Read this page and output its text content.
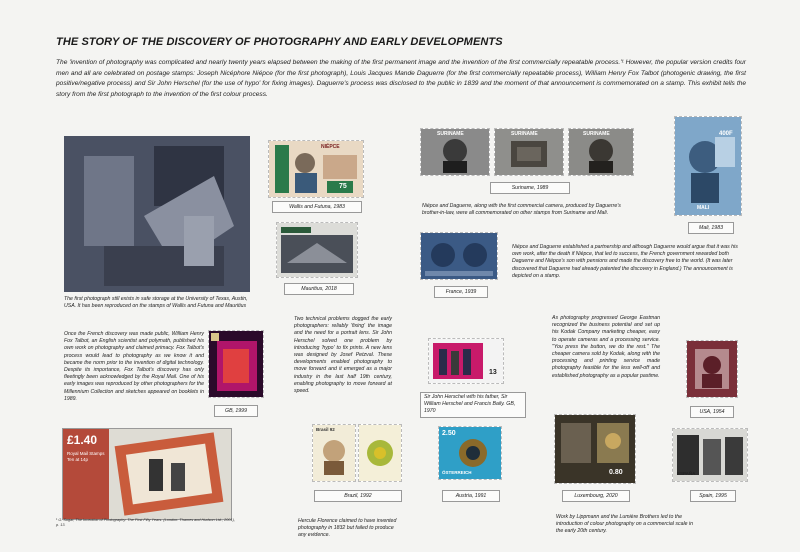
THE STORY OF THE DISCOVERY OF PHOTOGRAPHY AND EARLY DEVELOPMENTS
The 'invention of photography was complicated and nearly twenty years elapsed between the making of the first permanent image and the invention of the first commercially repeatable process.'¹ However, the popular version credits four men and all are celebrated on postage stamps: Joseph Nicéphore Niépce (for the first photograph), Louis Jacques Mande Daguerre (for the first commercially repeatable process), William Henry Fox Talbot (photogenic drawing, the first positive/negative process) and Sir John Herschel (for the use of hypo' for fixing images). Daguerre's process was disclosed to the public in 1839 and the moment of that announcement is commemorated on a stamp. This exhibit tells the story from the first photograph to the invention of the first colour process.
The first photograph still exists in safe storage at the University of Texas, Austin, USA. It has been reproduced on the stamps of Wallis and Futuna and Mauritius
NIÉPCE
75
Wallis and Futuna, 1983
Mauritius, 2018
SURINAME	SURINAME	SURINAME
Suriname, 1989
Niépce and Daguerre, along with the first commercial camera, produced by Daguerre's brother-in-law, were all commemorated on other stamps from Suriname and Mali.
400F
MALI
Mali, 1983
France, 1939
Niépce and Daguerre established a partnership and although Daguerre would argue that it was his own work, after the death if Niépce, that led to success, the French government rewarded both Daguerre and Niépce's son with pensions and made the discovery free to the world. (It was later discovered that Daguerre had already patented the discovery in England.) The announcement is depicted on a stamp.
Once the French discovery was made public, William Henry Fox Talbot, an English scientist and polymath, published his own work on photography and claimed primacy. Fox Talbot's process would lead to photography as we know it and became the norm prior to the invention of digital technology. Despite its importance, Fox Talbot's discovery has only fleetingly been acknowledged by the Royal Mail. One of his early images was reproduced by other photographers for the Millennium Collection and sketches appeared on booklets in 1989.
GB, 1999
Two technical problems dogged the early photographers: reliably 'fixing' the image and the need for a portrait lens. Sir John Herschel solved one problem by introducing 'hypo' to fix prints. A new lens was designed by Josef Petzval. These developments enabled photography to move forward and it emerged as a major industry in the last half 19th century, enabling photography to move forward at speed.
13
Sir John Herschel with his father, Sir William Herschel and Francis Baily. GB, 1970
As photography progressed George Eastman recognized the business potential and set up his Kodak Company marketing cheaper, easy to operate cameras and a processing service. "You press the button, we do the rest." The cheaper camera sold by Kodak, along with the processing and printing service made photography feasible for the less well-off and established photography as a popular pastime.
USA, 1954
£1.40
Royal Mail Stamps Ten at 14p
Brasil 92
Brazil, 1992
Hercule Florence claimed to have invented photography in 1832 but failed to produce any evidence.
2.50
ÖSTERREICH
Austria, 1991
0.80
Luxembourg, 2020
Work by Lippmann and the Lumière Brothers led to the introduction of colour photography on a commercial scale in the early 20th century.
ESPAÑA
Spain, 1995
¹ G. Sugar, The Invention of Photography: The First Fifty Years. (London: Thames and Hudson Ltd., 2001), p. 13.
